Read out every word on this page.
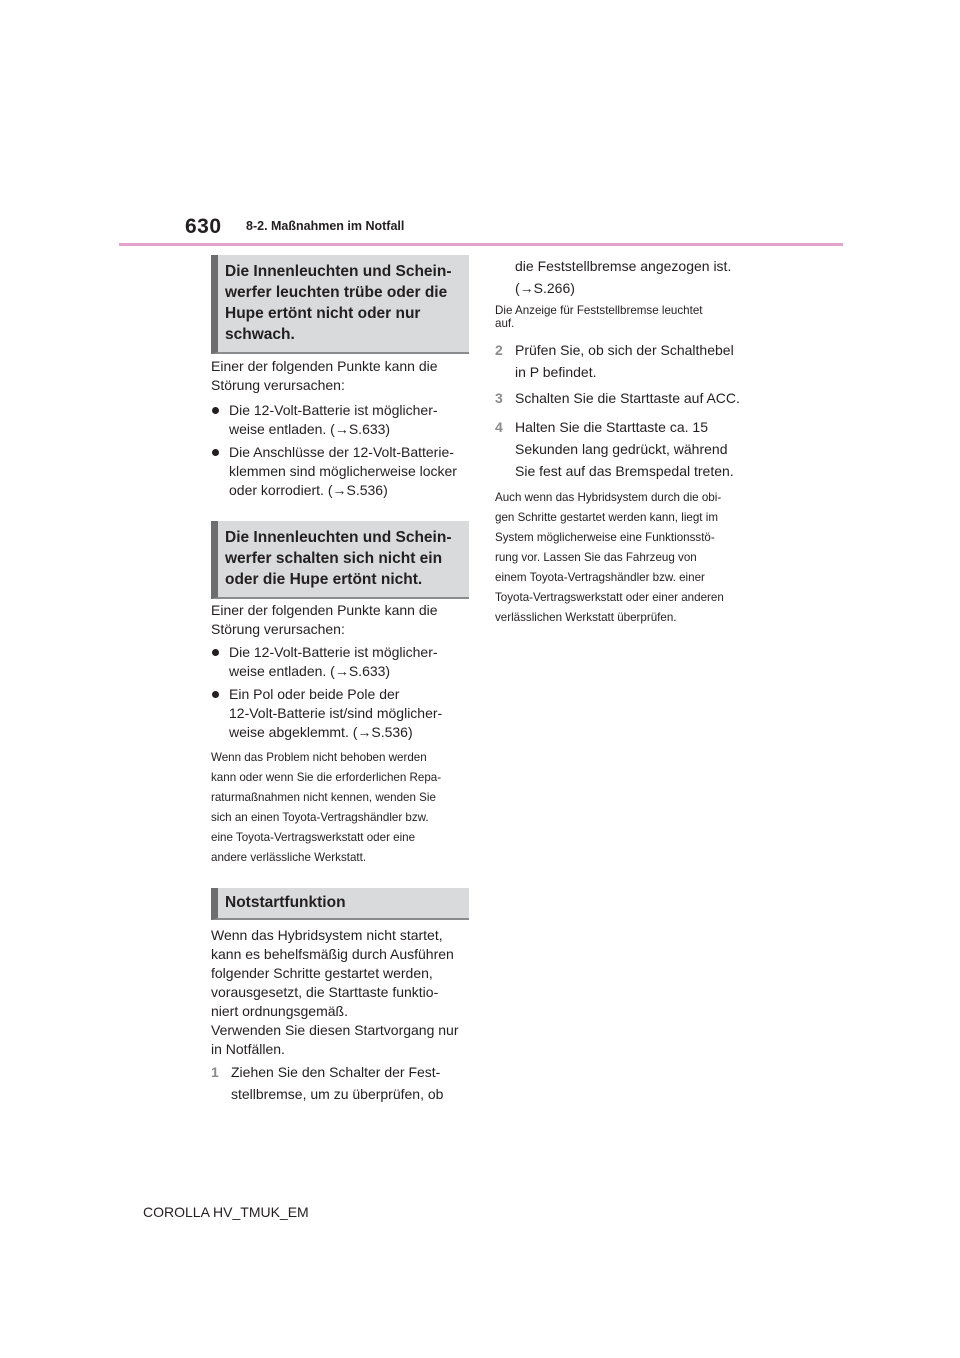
630 8-2. Maßnahmen im Notfall
Die Innenleuchten und Schein-
werfer leuchten trübe oder die
Hupe ertönt nicht oder nur
schwach.
Einer der folgenden Punkte kann die
Störung verursachen:
Die 12-Volt-Batterie ist möglicher-
weise entladen. (→S.633)
Die Anschlüsse der 12-Volt-Batterie-
klemmen sind möglicherweise locker
oder korrodiert. (→S.536)
Die Innenleuchten und Schein-
werfer schalten sich nicht ein
oder die Hupe ertönt nicht.
Einer der folgenden Punkte kann die
Störung verursachen:
Die 12-Volt-Batterie ist möglicher-
weise entladen. (→S.633)
Ein Pol oder beide Pole der
12-Volt-Batterie ist/sind möglicher-
weise abgeklemmt. (→S.536)
Wenn das Problem nicht behoben werden
kann oder wenn Sie die erforderlichen Repa-
raturmaßnahmen nicht kennen, wenden Sie
sich an einen Toyota-Vertragshändler bzw.
eine Toyota-Vertragswerkstatt oder eine
andere verlässliche Werkstatt.
Notstartfunktion
Wenn das Hybridsystem nicht startet,
kann es behelfsmäßig durch Ausführen
folgender Schritte gestartet werden,
vorausgesetzt, die Starttaste funktio-
niert ordnungsgemäß.
Verwenden Sie diesen Startvorgang nur
in Notfällen.
1 Ziehen Sie den Schalter der Fest-
stellbremse, um zu überprüfen, ob
die Feststellbremse angezogen ist.
(→S.266)
Die Anzeige für Feststellbremse leuchtet
auf.
2 Prüfen Sie, ob sich der Schalthebel
in P befindet.
3 Schalten Sie die Starttaste auf ACC.
4 Halten Sie die Starttaste ca. 15
Sekunden lang gedrückt, während
Sie fest auf das Bremspedal treten.
Auch wenn das Hybridsystem durch die obi-
gen Schritte gestartet werden kann, liegt im
System möglicherweise eine Funktionsstö-
rung vor. Lassen Sie das Fahrzeug von
einem Toyota-Vertragshändler bzw. einer
Toyota-Vertragswerkstatt oder einer anderen
verlässlichen Werkstatt überprüfen.
COROLLA HV_TMUK_EM
